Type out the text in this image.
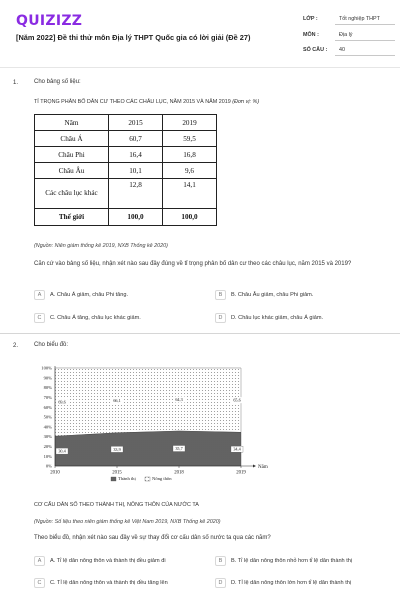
QUIZIZZ
[Năm 2022] Đề thi thử môn Địa lý THPT Quốc gia có lời giải (Đề 27)
LỚP :	Tốt nghiệp THPT
MÔN :	Địa lý
SỐ CÂU : 40
1.	Cho bảng số liệu:
TỈ TRỌNG PHÂN BỐ DÂN CƯ THEO CÁC CHÂU LỤC, NĂM 2015 VÀ NĂM 2019 (Đơn vị: %)
Năm	2015	2019
Châu Á	60,7	59,5
Châu Phi	16,4	16,8
Châu Âu	10,1	9,6
Các châu lục khác	12,8	14,1
Thế giới	100,0	100,0
(Nguồn: Niên giám thống kê 2019, NXB Thống kê 2020)
Căn cứ vào bảng số liệu, nhận xét nào sau đây đúng về tỉ trọng phân bố dân cư theo các châu lục, năm 2015 và 2019?
A A. Châu Á giảm, châu Phi tăng.	B B. Châu Âu giảm, châu Phi giảm.
C C. Châu Á tăng, châu lục khác giảm.	D D. Châu lục khác giảm, châu Á giảm.
2.	Cho biểu đồ:
0%
10%
20%
30%
40%
50%
60%
70%
80%
90%
100%
2010	2015	2018	2019
30,4
69,6
33,9
66,1
35,7
64,3
34,4
65,6
Năm
Thành thị	Nông thôn
CƠ CẤU DÂN SỐ THEO THÀNH THỊ, NÔNG THÔN CỦA NƯỚC TA
(Nguồn: Số liệu theo niên giám thống kê Việt Nam 2019, NXB Thống kê 2020)
Theo biểu đồ, nhận xét nào sau đây về sự thay đổi cơ cấu dân số nước ta qua các năm?
A A. Tỉ lệ dân nông thôn và thành thị đều giảm đi	B B. Tỉ lệ dân nông thôn nhỏ hơn tỉ lệ dân thành thị
C C. Tỉ lệ dân nông thôn và thành thị đều tăng lên	D D. Tỉ lệ dân nông thôn lớn hơn tỉ lệ dân thành thị
